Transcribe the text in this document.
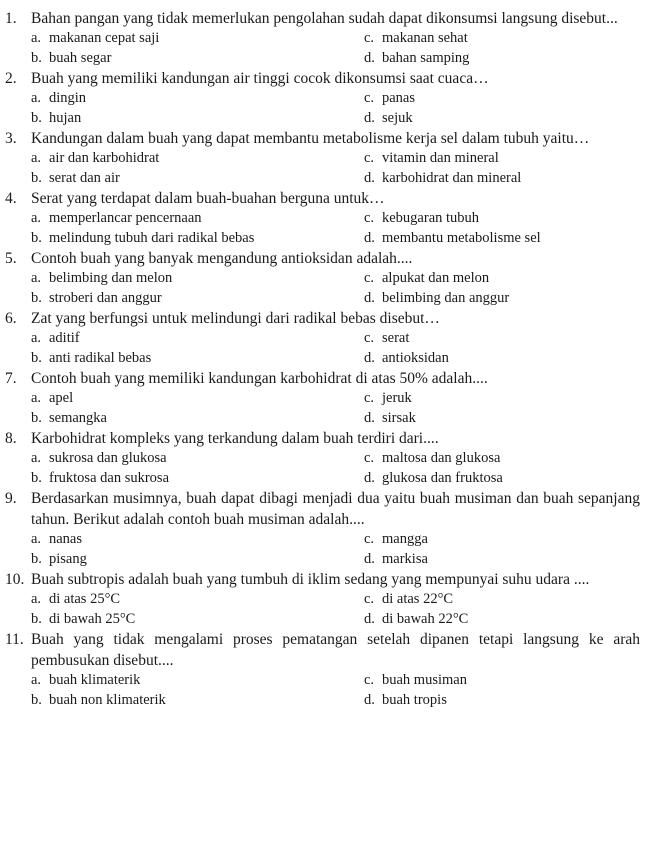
1. Bahan pangan yang tidak memerlukan pengolahan sudah dapat dikonsumsi langsung disebut...
a. makanan cepat saji	c. makanan sehat
b. buah segar	d. bahan samping
2. Buah yang memiliki kandungan air tinggi cocok dikonsumsi saat cuaca…
a. dingin	c. panas
b. hujan	d. sejuk
3. Kandungan dalam buah yang dapat membantu metabolisme kerja sel dalam tubuh yaitu…
a. air dan karbohidrat	c. vitamin dan mineral
b. serat dan air	d. karbohidrat dan mineral
4. Serat yang terdapat dalam buah-buahan berguna untuk…
a. memperlancar pencernaan	c. kebugaran tubuh
b. melindung tubuh dari radikal bebas	d. membantu metabolisme sel
5. Contoh buah yang banyak mengandung antioksidan adalah....
a. belimbing dan melon	c. alpukat dan melon
b. stroberi dan anggur	d. belimbing dan anggur
6. Zat yang berfungsi untuk melindungi dari radikal bebas disebut…
a. aditif	c. serat
b. anti radikal bebas	d. antioksidan
7. Contoh buah yang memiliki kandungan karbohidrat di atas 50% adalah....
a. apel	c. jeruk
b. semangka	d. sirsak
8. Karbohidrat kompleks yang terkandung dalam buah terdiri dari....
a. sukrosa dan glukosa	c. maltosa dan glukosa
b. fruktosa dan sukrosa	d. glukosa dan fruktosa
9. Berdasarkan musimnya, buah dapat dibagi menjadi dua yaitu buah musiman dan buah sepanjang tahun. Berikut adalah contoh buah musiman adalah....
a. nanas	c. mangga
b. pisang	d. markisa
10. Buah subtropis adalah buah yang tumbuh di iklim sedang yang mempunyai suhu udara ....
a. di atas 25°C	c. di atas 22°C
b. di bawah 25°C	d. di bawah 22°C
11. Buah yang tidak mengalami proses pematangan setelah dipanen tetapi langsung ke arah pembusukan disebut....
a. buah klimaterik	c. buah musiman
b. buah non klimaterik	d. buah tropis
